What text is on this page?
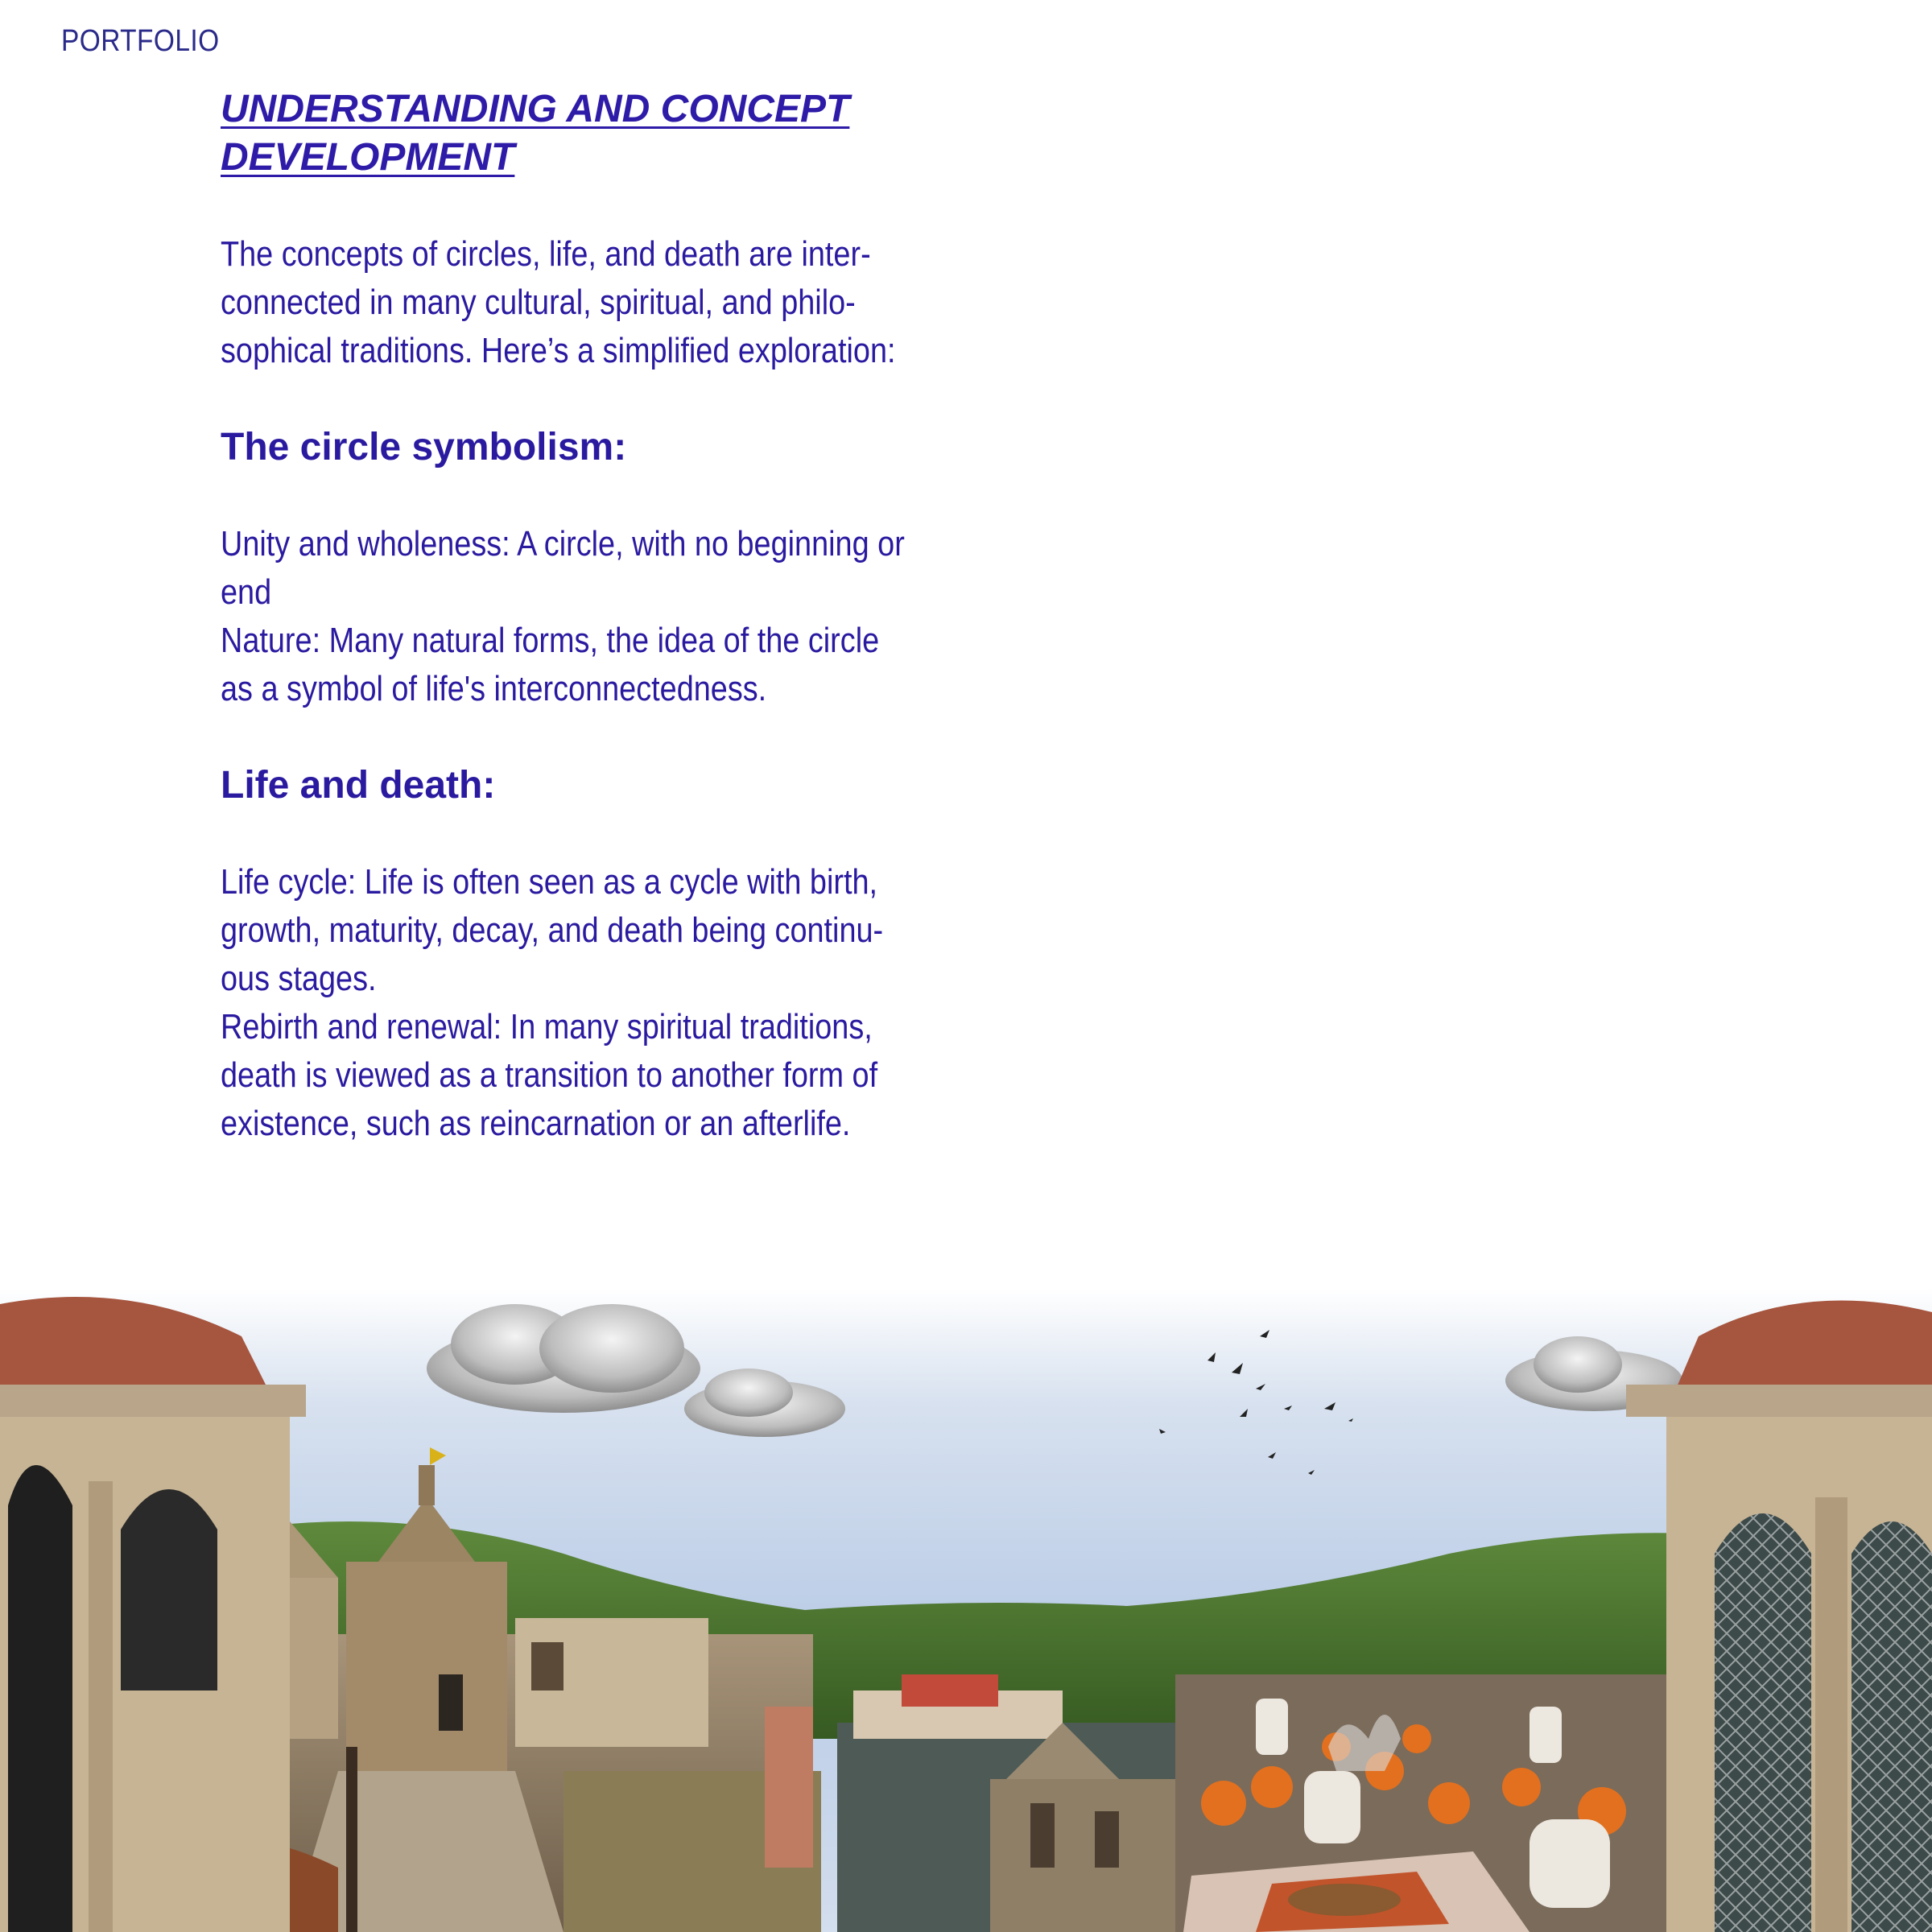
PORTFOLIO
UNDERSTANDING AND CONCEPT
DEVELOPMENT

The concepts of circles, life, and death are inter-

connected in many cultural, spiritual, and philo-

sophical traditions. Here’s a simplified exploration:

The circle symbolism:

Unity and wholeness: A circle, with no beginning or

end

Nature: Many natural forms, the idea of the circle

as a symbol of life's interconnectedness.

Life and death:

Life cycle: Life is often seen as a cycle with birth,

growth, maturity, decay, and death being continu-

ous stages.

Rebirth and renewal: In many spiritual traditions,

death is viewed as a transition to another form of

existence, such as reincarnation or an afterlife.
